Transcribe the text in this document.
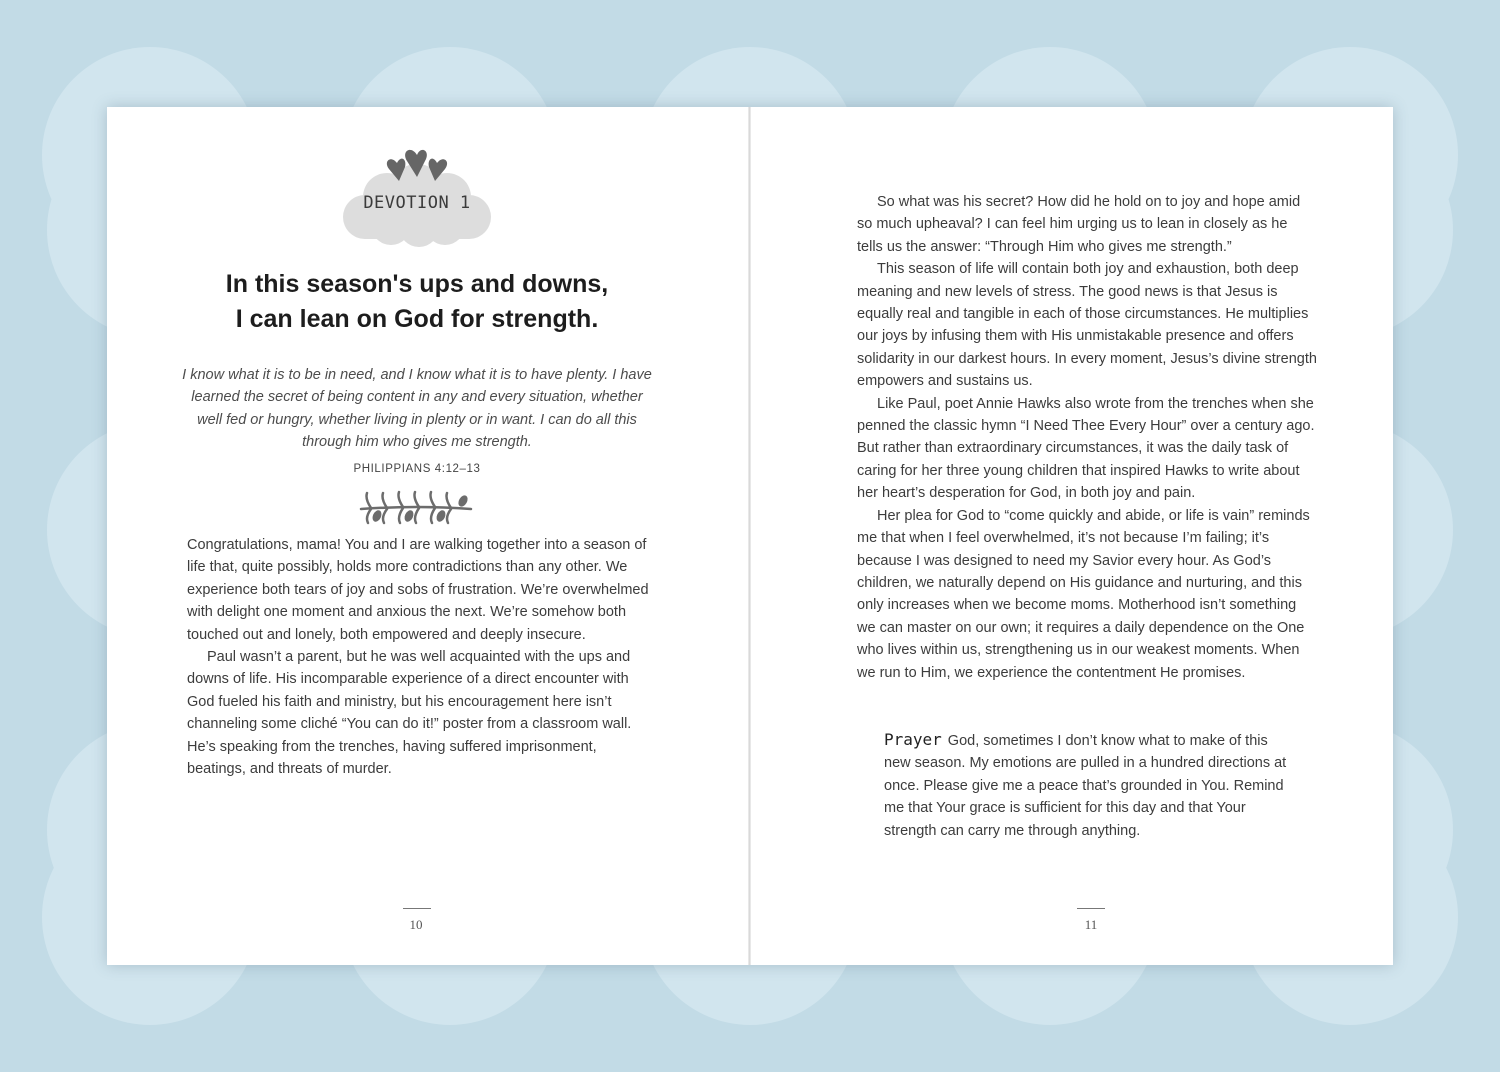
DEVOTION 1
In this season's ups and downs,
I can lean on God for strength.
I know what it is to be in need, and I know what it is to have plenty. I have learned the secret of being content in any and every situation, whether well fed or hungry, whether living in plenty or in want. I can do all this through him who gives me strength.
PHILIPPIANS 4:12–13

Congratulations, mama! You and I are walking together into a season of life that, quite possibly, holds more contradictions than any other. We experience both tears of joy and sobs of frustration. We’re overwhelmed with delight one moment and anxious the next. We’re somehow both touched out and lonely, both empowered and deeply insecure.

Paul wasn’t a parent, but he was well acquainted with the ups and downs of life. His incomparable experience of a direct encounter with God fueled his faith and ministry, but his encouragement here isn’t channeling some cliché “You can do it!” poster from a classroom wall. He’s speaking from the trenches, having suffered imprisonment, beatings, and threats of murder.

10

So what was his secret? How did he hold on to joy and hope amid so much upheaval? I can feel him urging us to lean in closely as he tells us the answer: “Through Him who gives me strength.”

This season of life will contain both joy and exhaustion, both deep meaning and new levels of stress. The good news is that Jesus is equally real and tangible in each of those circumstances. He multiplies our joys by infusing them with His unmistakable presence and offers solidarity in our darkest hours. In every moment, Jesus’s divine strength empowers and sustains us.

Like Paul, poet Annie Hawks also wrote from the trenches when she penned the classic hymn “I Need Thee Every Hour” over a century ago. But rather than extraordinary circumstances, it was the daily task of caring for her three young children that inspired Hawks to write about her heart’s desperation for God, in both joy and pain.

Her plea for God to “come quickly and abide, or life is vain” reminds me that when I feel overwhelmed, it’s not because I’m failing; it’s because I was designed to need my Savior every hour. As God’s children, we naturally depend on His guidance and nurturing, and this only increases when we become moms. Motherhood isn’t something we can master on our own; it requires a daily dependence on the One who lives within us, strengthening us in our weakest moments. When we run to Him, we experience the contentment He promises.

Prayer God, sometimes I don’t know what to make of this new season. My emotions are pulled in a hundred directions at once. Please give me a peace that’s grounded in You. Remind me that Your grace is sufficient for this day and that Your strength can carry me through anything.
11
